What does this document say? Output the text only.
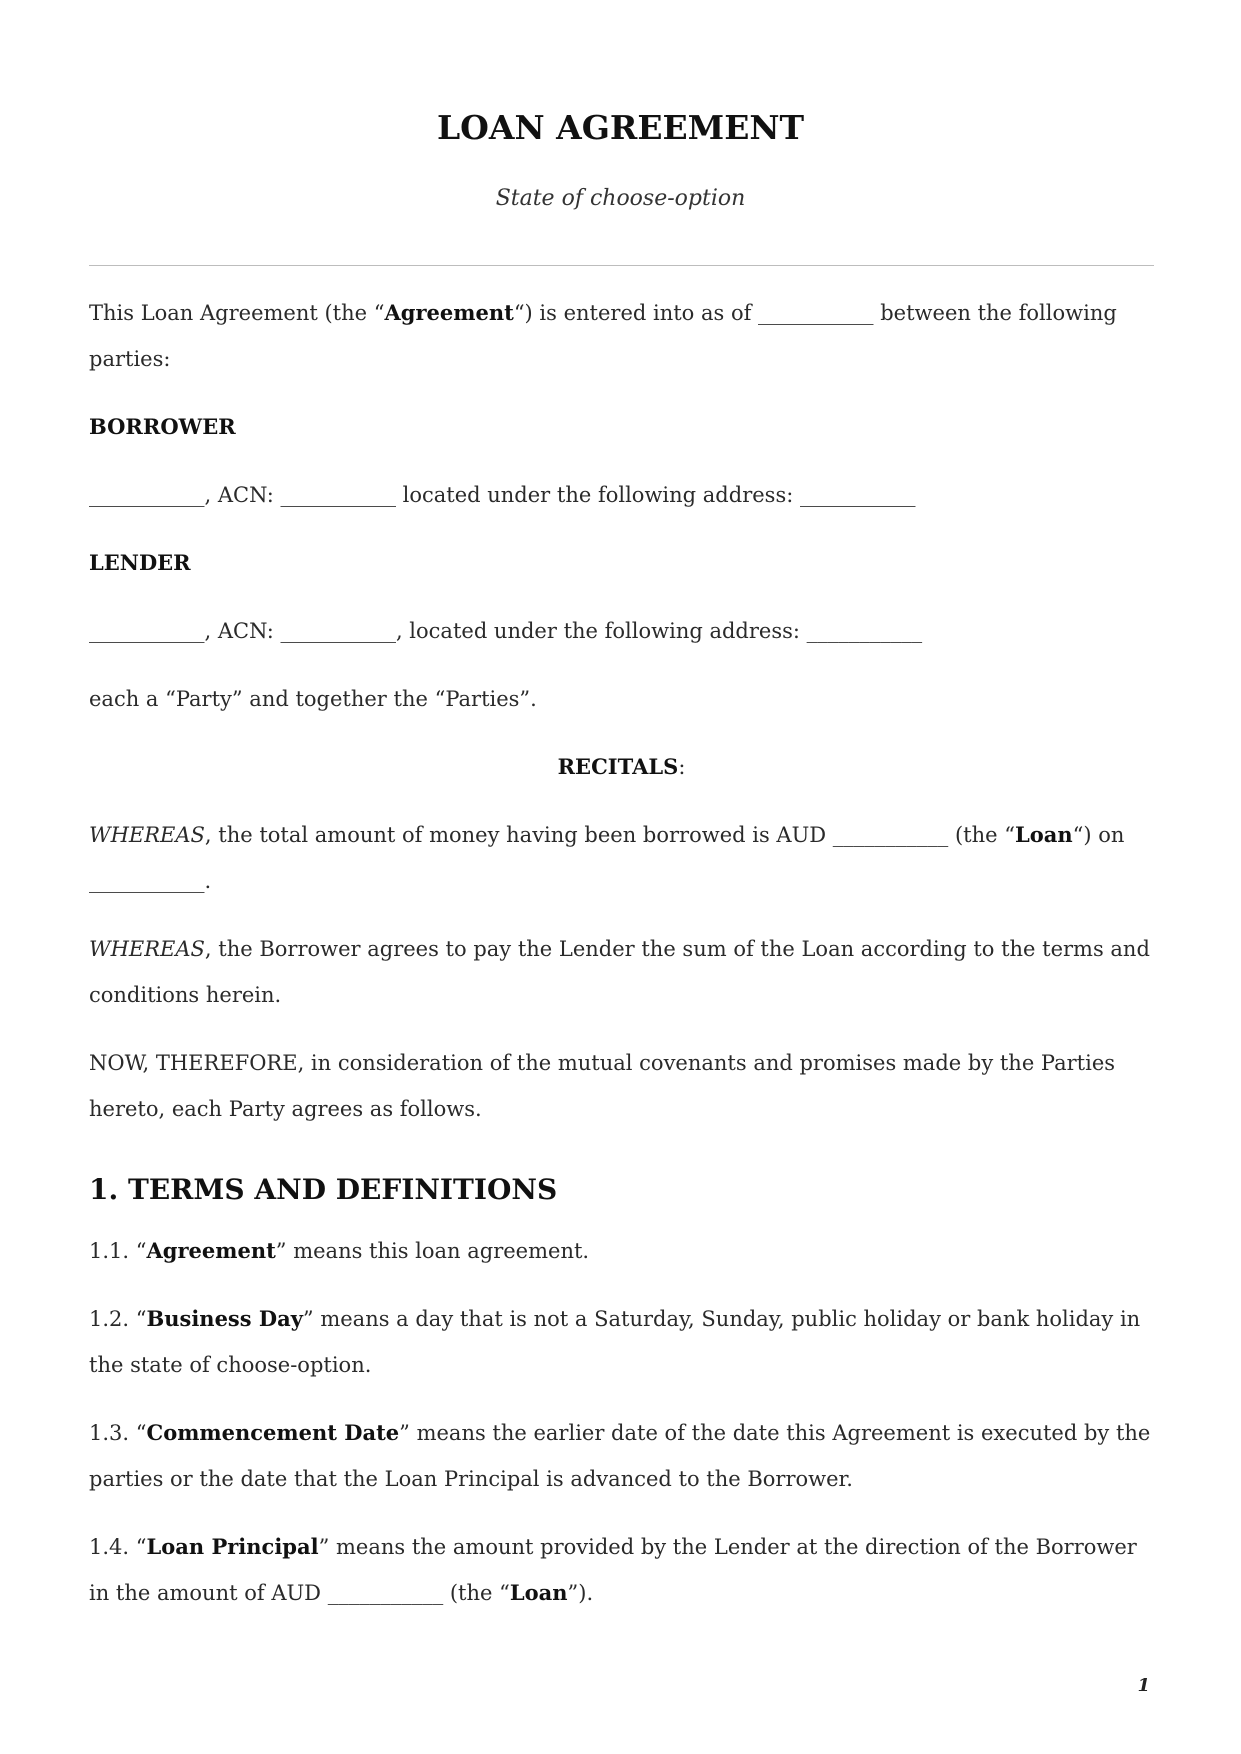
LOAN AGREEMENT
State of choose-option

This Loan Agreement (the “Agreement“) is entered into as of ___________ between the following parties:

BORROWER

___________, ACN: ___________ located under the following address: ___________

LENDER

___________, ACN: ___________, located under the following address: ___________

each a “Party” and together the “Parties”.

RECITALS:

WHEREAS, the total amount of money having been borrowed is AUD ___________ (the “Loan“) on ___________.

WHEREAS, the Borrower agrees to pay the Lender the sum of the Loan according to the terms and conditions herein.

NOW, THEREFORE, in consideration of the mutual covenants and promises made by the Parties hereto, each Party agrees as follows.

1. TERMS AND DEFINITIONS

1.1. “Agreement” means this loan agreement.

1.2. “Business Day” means a day that is not a Saturday, Sunday, public holiday or bank holiday in the state of choose-option.

1.3. “Commencement Date” means the earlier date of the date this Agreement is executed by the parties or the date that the Loan Principal is advanced to the Borrower.

1.4. “Loan Principal” means the amount provided by the Lender at the direction of the Borrower in the amount of AUD ___________ (the “Loan”).

1
